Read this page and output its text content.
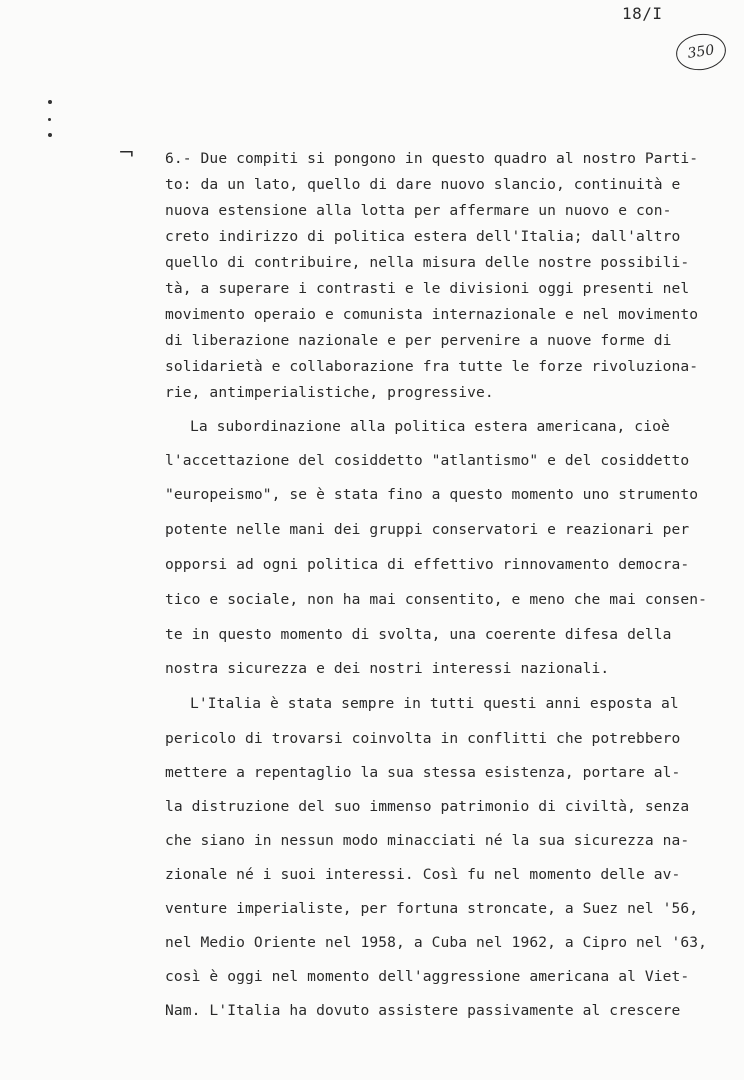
18/I
350
¬ 6.- Due compiti si pongono in questo quadro al nostro Parti-
to: da un lato, quello di dare nuovo slancio, continuità e
nuova estensione alla lotta per affermare un nuovo e con-
creto indirizzo di politica estera dell'Italia; dall'altro
quello di contribuire, nella misura delle nostre possibili-
tà, a superare i contrasti e le divisioni oggi presenti nel
movimento operaio e comunista internazionale e nel movimento
di liberazione nazionale e per pervenire a nuove forme di
solidarietà e collaborazione fra tutte le forze rivoluziona-
rie, antimperialistiche, progressive.
La subordinazione alla politica estera americana, cioè
l'accettazione del cosiddetto "atlantismo" e del cosiddetto
"europeismo", se è stata fino a questo momento uno strumento
potente nelle mani dei gruppi conservatori e reazionari per
opporsi ad ogni politica di effettivo rinnovamento democra-
tico e sociale, non ha mai consentito, e meno che mai consen-
te in questo momento di svolta, una coerente difesa della
nostra sicurezza e dei nostri interessi nazionali.
L'Italia è stata sempre in tutti questi anni esposta al
pericolo di trovarsi coinvolta in conflitti che potrebbero
mettere a repentaglio la sua stessa esistenza, portare al-
la distruzione del suo immenso patrimonio di civiltà, senza
che siano in nessun modo minacciati né la sua sicurezza na-
zionale né i suoi interessi. Così fu nel momento delle av-
venture imperialiste, per fortuna stroncate, a Suez nel '56,
nel Medio Oriente nel 1958, a Cuba nel 1962, a Cipro nel '63,
così è oggi nel momento dell'aggressione americana al Viet-
Nam. L'Italia ha dovuto assistere passivamente al crescere
